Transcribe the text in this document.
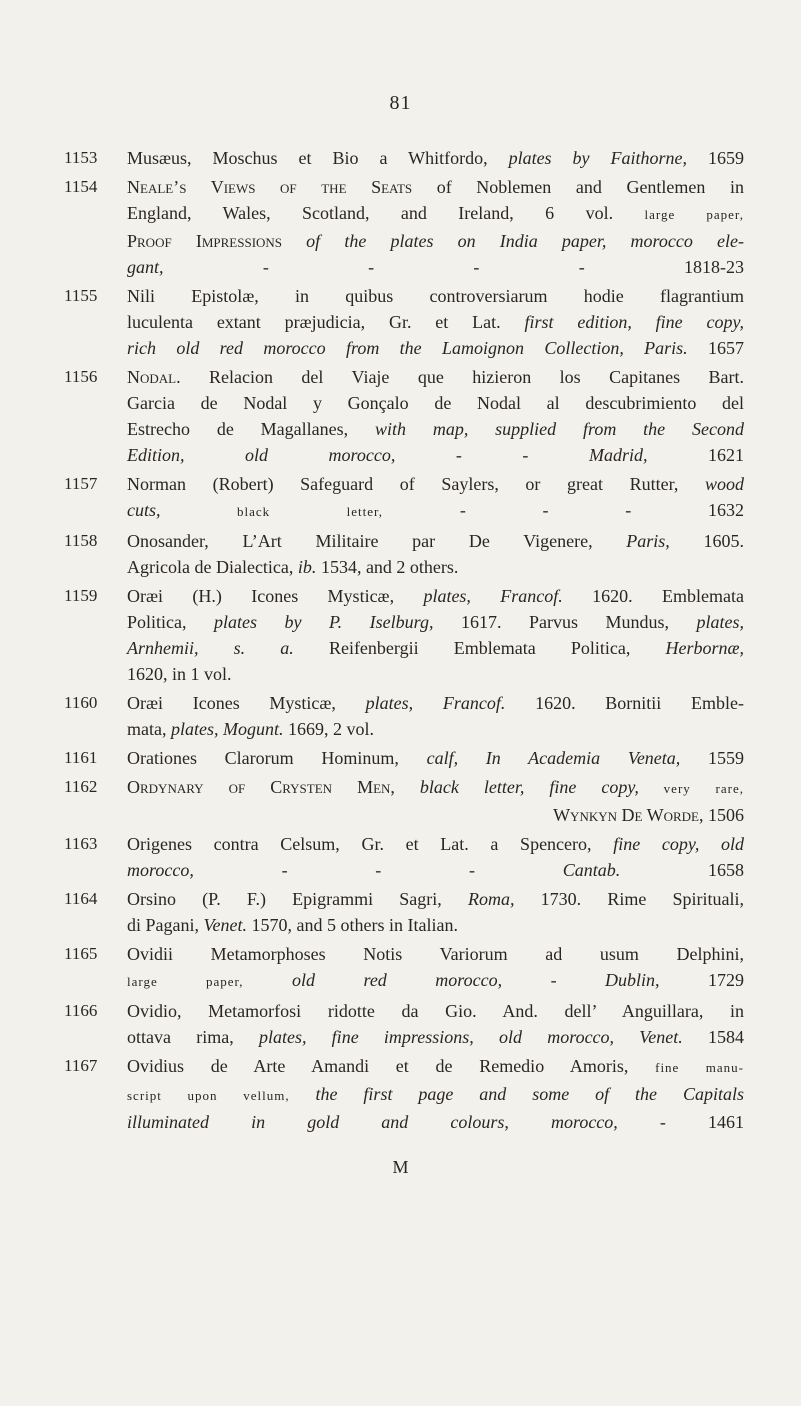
81
1153	Musæus, Moschus et Bio a Whitfordo, plates by Faithorne, 1659
1154	Neale’s Views of the Seats of Noblemen and Gentlemen in
England, Wales, Scotland, and Ireland, 6 vol. large paper,
Proof Impressions of the plates on India paper, morocco ele-
gant,	- - - -	1818-23
1155	Nili Epistolæ, in quibus controversiarum hodie flagrantium
luculenta extant præjudicia, Gr. et Lat. first edition, fine copy,
rich old red morocco from the Lamoignon Collection, Paris. 1657
1156	Nodal. Relacion del Viaje que hizieron los Capitanes Bart.
Garcia de Nodal y Gonçalo de Nodal al descubrimiento del
Estrecho de Magallanes, with map, supplied from the Second
Edition, old morocco,	- -	Madrid, 1621
1157	Norman (Robert) Safeguard of Saylers, or great Rutter, wood
cuts, black letter,	- - -	1632
1158	Onosander, L’Art Militaire par De Vigenere, Paris, 1605.
Agricola de Dialectica, ib. 1534, and 2 others.
1159	Oræi (H.) Icones Mysticæ, plates, Francof. 1620. Emblemata
Politica, plates by P. Iselburg, 1617. Parvus Mundus, plates,
Arnhemii, s. a. Reifenbergii Emblemata Politica, Herbornæ,
1620, in 1 vol.
1160	Oræi Icones Mysticæ, plates, Francof. 1620. Bornitii Emble-
mata, plates, Mogunt. 1669, 2 vol.
1161	Orationes Clarorum Hominum, calf, In Academia Veneta, 1559
1162	Ordynary of Crysten Men, black letter, fine copy, very rare,
Wynkyn De Worde, 1506
1163	Origenes contra Celsum, Gr. et Lat. a Spencero, fine copy, old
morocco,	- - -	Cantab. 1658
1164	Orsino (P. F.) Epigrammi Sagri, Roma, 1730. Rime Spirituali,
di Pagani, Venet. 1570, and 5 others in Italian.
1165	Ovidii Metamorphoses Notis Variorum ad usum Delphini,
large paper, old red morocco,	-	Dublin, 1729
1166	Ovidio, Metamorfosi ridotte da Gio. And. dell’ Anguillara, in
ottava rima, plates, fine impressions, old morocco, Venet. 1584
1167	Ovidius de Arte Amandi et de Remedio Amoris, fine manu-
script upon vellum, the first page and some of the Capitals
illuminated in gold and colours, morocco, - 1461
M
